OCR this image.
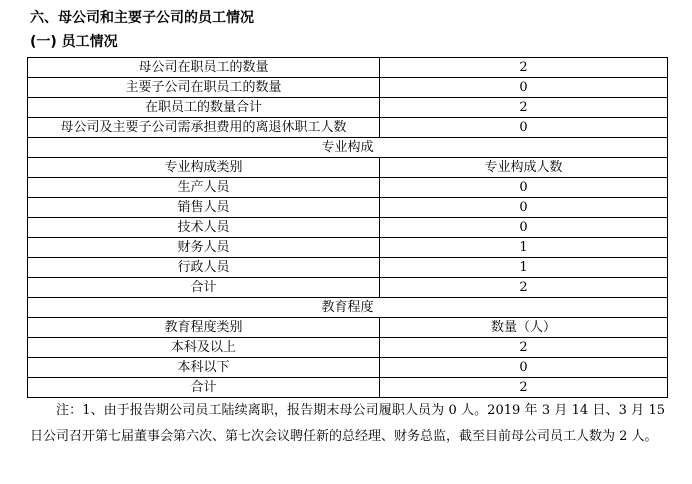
六、母公司和主要子公司的员工情况
(一) 员工情况
母公司在职员工的数量	2
主要子公司在职员工的数量	0
在职员工的数量合计	2
母公司及主要子公司需承担费用的离退休职工人数	0
专业构成	
专业构成类别	专业构成人数
生产人员	0
销售人员	0
技术人员	0
财务人员	1
行政人员	1
合计	2
教育程度	
教育程度类别	数量（人）
本科及以上	2
本科以下	0
合计	2
注：1、由于报告期公司员工陆续离职，报告期末母公司履职人员为 0 人。2019 年 3 月 14 日、3 月 15 日公司召开第七届董事会第六次、第七次会议聘任新的总经理、财务总监，截至目前母公司员工人数为 2 人。
